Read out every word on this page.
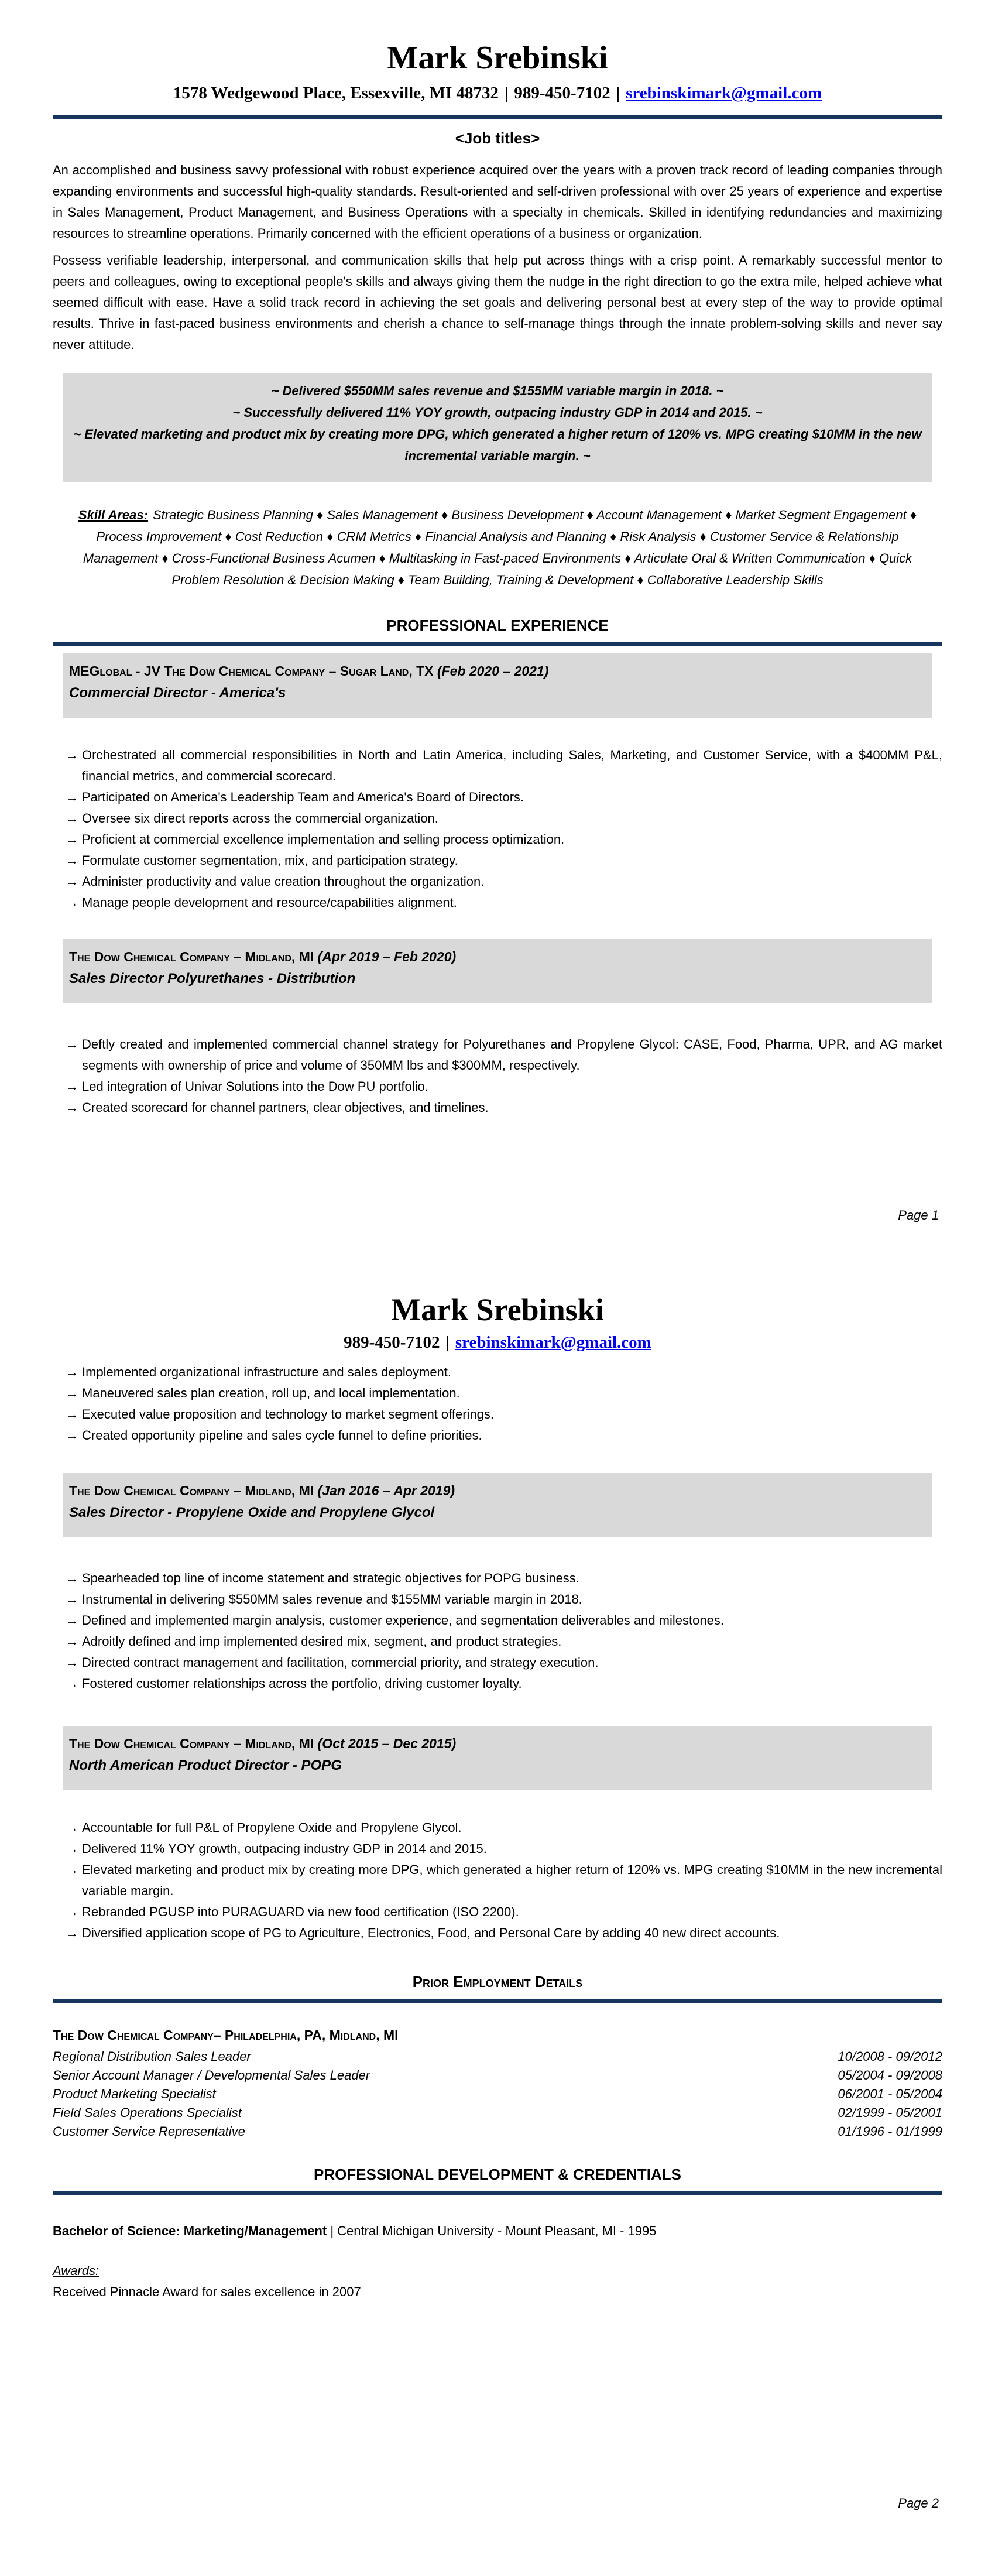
Mark Srebinski
1578 Wedgewood Place, Essexville, MI 48732 | 989-450-7102 | srebinskimark@gmail.com
<Job titles>

An accomplished and business savvy professional with robust experience acquired over the years with a proven track record of leading companies through expanding environments and successful high-quality standards. Result-oriented and self-driven professional with over 25 years of experience and expertise in Sales Management, Product Management, and Business Operations with a specialty in chemicals. Skilled in identifying redundancies and maximizing resources to streamline operations. Primarily concerned with the efficient operations of a business or organization.

Possess verifiable leadership, interpersonal, and communication skills that help put across things with a crisp point. A remarkably successful mentor to peers and colleagues, owing to exceptional people's skills and always giving them the nudge in the right direction to go the extra mile, helped achieve what seemed difficult with ease. Have a solid track record in achieving the set goals and delivering personal best at every step of the way to provide optimal results. Thrive in fast-paced business environments and cherish a chance to self-manage things through the innate problem-solving skills and never say never attitude.

~ Delivered $550MM sales revenue and $155MM variable margin in 2018. ~

~ Successfully delivered 11% YOY growth, outpacing industry GDP in 2014 and 2015. ~

~ Elevated marketing and product mix by creating more DPG, which generated a higher return of 120% vs. MPG creating $10MM in the new incremental variable margin. ~

Skill Areas: Strategic Business Planning ♦ Sales Management ♦ Business Development ♦ Account Management ♦ Market Segment Engagement ♦ Process Improvement ♦ Cost Reduction ♦ CRM Metrics ♦ Financial Analysis and Planning ♦ Risk Analysis ♦ Customer Service & Relationship Management ♦ Cross-Functional Business Acumen ♦ Multitasking in Fast-paced Environments ♦ Articulate Oral & Written Communication ♦ Quick Problem Resolution & Decision Making ♦ Team Building, Training & Development ♦ Collaborative Leadership Skills
PROFESSIONAL EXPERIENCE
MEGlobal - JV The Dow Chemical Company – Sugar Land, TX (Feb 2020 – 2021)
Commercial Director - America's
→ Orchestrated all commercial responsibilities in North and Latin America, including Sales, Marketing, and Customer Service, with a $400MM P&L, financial metrics, and commercial scorecard.
→ Participated on America's Leadership Team and America's Board of Directors.
→ Oversee six direct reports across the commercial organization.
→ Proficient at commercial excellence implementation and selling process optimization.
→ Formulate customer segmentation, mix, and participation strategy.
→ Administer productivity and value creation throughout the organization.
→ Manage people development and resource/capabilities alignment.
The Dow Chemical Company – Midland, MI (Apr 2019 – Feb 2020)
Sales Director Polyurethanes - Distribution
→ Deftly created and implemented commercial channel strategy for Polyurethanes and Propylene Glycol: CASE, Food, Pharma, UPR, and AG market segments with ownership of price and volume of 350MM lbs and $300MM, respectively.
→ Led integration of Univar Solutions into the Dow PU portfolio.
→ Created scorecard for channel partners, clear objectives, and timelines.
Page 1
Mark Srebinski
989-450-7102 | srebinskimark@gmail.com
→ Implemented organizational infrastructure and sales deployment.
→ Maneuvered sales plan creation, roll up, and local implementation.
→ Executed value proposition and technology to market segment offerings.
→ Created opportunity pipeline and sales cycle funnel to define priorities.
The Dow Chemical Company – Midland, MI (Jan 2016 – Apr 2019)
Sales Director - Propylene Oxide and Propylene Glycol
→ Spearheaded top line of income statement and strategic objectives for POPG business.
→ Instrumental in delivering $550MM sales revenue and $155MM variable margin in 2018.
→ Defined and implemented margin analysis, customer experience, and segmentation deliverables and milestones.
→ Adroitly defined and imp implemented desired mix, segment, and product strategies.
→ Directed contract management and facilitation, commercial priority, and strategy execution.
→ Fostered customer relationships across the portfolio, driving customer loyalty.
The Dow Chemical Company – Midland, MI (Oct 2015 – Dec 2015)
North American Product Director - POPG
→ Accountable for full P&L of Propylene Oxide and Propylene Glycol.
→ Delivered 11% YOY growth, outpacing industry GDP in 2014 and 2015.
→ Elevated marketing and product mix by creating more DPG, which generated a higher return of 120% vs. MPG creating $10MM in the new incremental variable margin.
→ Rebranded PGUSP into PURAGUARD via new food certification (ISO 2200).
→ Diversified application scope of PG to Agriculture, Electronics, Food, and Personal Care by adding 40 new direct accounts.
Prior Employment Details
The Dow Chemical Company– Philadelphia, PA, Midland, MI
Regional Distribution Sales Leader	10/2008 - 09/2012
Senior Account Manager / Developmental Sales Leader	05/2004 - 09/2008
Product Marketing Specialist	06/2001 - 05/2004
Field Sales Operations Specialist	02/1999 - 05/2001
Customer Service Representative	01/1996 - 01/1999
PROFESSIONAL DEVELOPMENT & CREDENTIALS
Bachelor of Science: Marketing/Management | Central Michigan University - Mount Pleasant, MI - 1995
Awards:
Received Pinnacle Award for sales excellence in 2007
Page 2
